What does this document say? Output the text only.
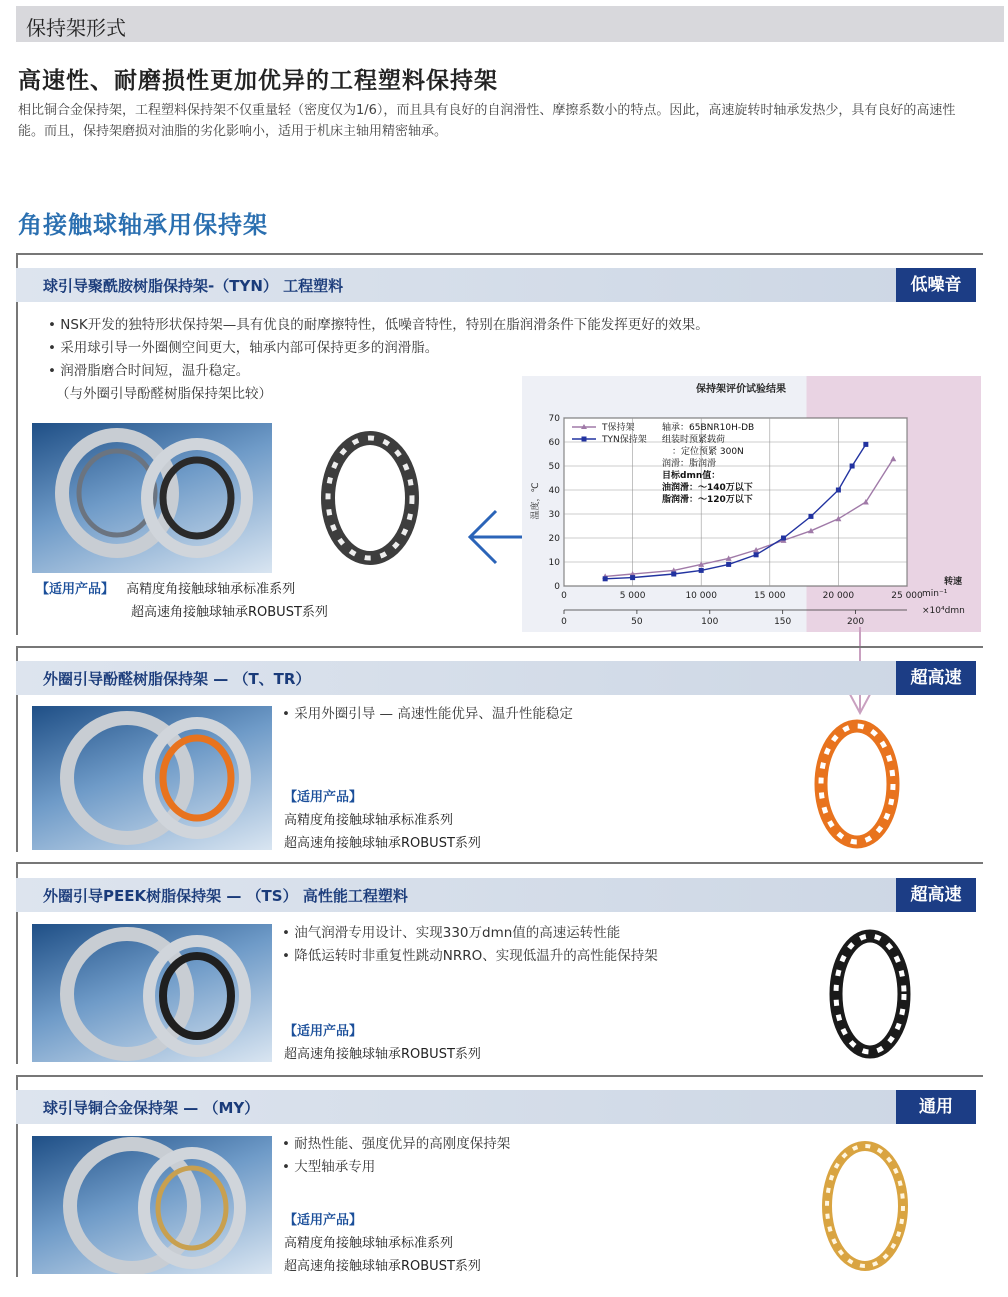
保持架形式
高速性、耐磨损性更加优异的工程塑料保持架
相比铜合金保持架，工程塑料保持架不仅重量轻（密度仅为1/6），而且具有良好的自润滑性、摩擦系数小的特点。因此，高速旋转时轴承发热少，具有良好的高速性能。而且，保持架磨损对油脂的劣化影响小，适用于机床主轴用精密轴承。
角接触球轴承用保持架
球引导聚酰胺树脂保持架-（TYN） 工程塑料	低噪音
• NSK开发的独特形状保持架—具有优良的耐摩擦特性，低噪音特性，特别在脂润滑条件下能发挥更好的效果。
• 采用球引导一外圈侧空间更大，轴承内部可保持更多的润滑脂。
• 润滑脂磨合时间短，温升稳定。
（与外圈引导酚醛树脂保持架比较）
【适用产品】 高精度角接触球轴承标准系列
超高速角接触球轴承ROBUST系列
保持架评价试验结果
温度，℃
0
10
20
30
40
50
60
70
0	5 000	10 000	15 000	20 000	25 000
0	50	100	150	200
T保持架
TYN保持架
轴承：65BNR10H-DB
组装时预紧载荷
：定位预紧 300N
润滑：脂润滑
目标dmn值：
油润滑：～140万以下
脂润滑：～120万以下
转速
min⁻¹
×10⁴dmn
外圈引导酚醛树脂保持架 — （T、TR）	超高速
• 采用外圈引导 — 高速性能优异、温升性能稳定
【适用产品】
高精度角接触球轴承标准系列
超高速角接触球轴承ROBUST系列
外圈引导PEEK树脂保持架 — （TS） 高性能工程塑料	超高速
• 油气润滑专用设计、实现330万dmn值的高速运转性能
• 降低运转时非重复性跳动NRRO、实现低温升的高性能保持架
【适用产品】
超高速角接触球轴承ROBUST系列
球引导铜合金保持架 — （MY）	通用
• 耐热性能、强度优异的高刚度保持架
• 大型轴承专用
【适用产品】
高精度角接触球轴承标准系列
超高速角接触球轴承ROBUST系列
